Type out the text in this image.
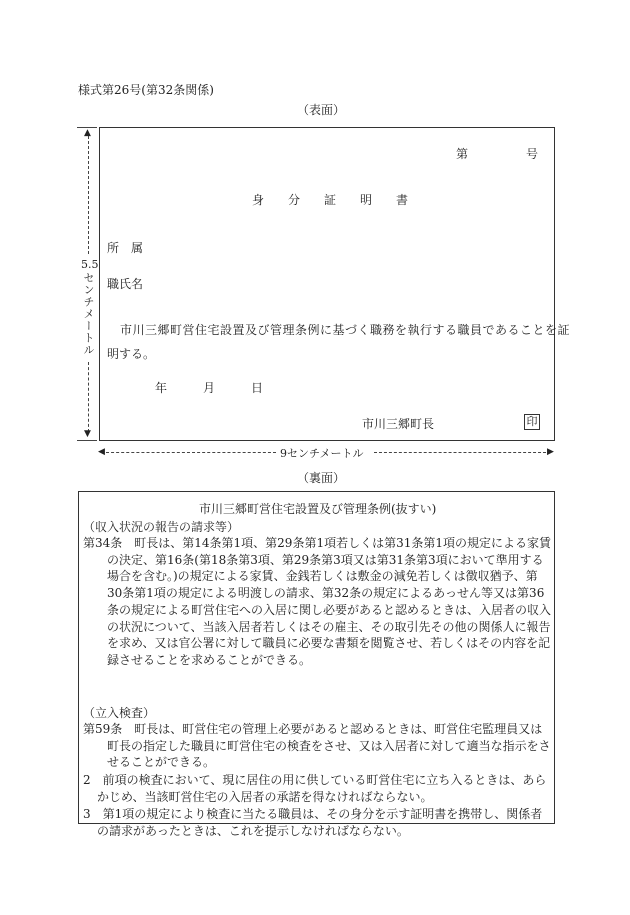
様式第26号(第32条関係)
（表面）
▲
5.5
センチメートル
▼
第	号
身　　分　　証　　明　　書
所　属
職氏名
市川三郷町営住宅設置及び管理条例に基づく職務を執行する職員であることを証
明する。
年　　　月　　　日
市川三郷町長	印
◀	9センチメートル	▶
（裏面）
市川三郷町営住宅設置及び管理条例(抜すい)
（収入状況の報告の請求等）
第34条　町長は、第14条第1項、第29条第1項若しくは第31条第1項の規定による家賃の決定、第16条(第18条第3項、第29条第3項又は第31条第3項において準用する場合を含む。)の規定による家賃、金銭若しくは敷金の減免若しくは徴収猶予、第30条第1項の規定による明渡しの請求、第32条の規定によるあっせん等又は第36条の規定による町営住宅への入居に関し必要があると認めるときは、入居者の収入の状況について、当該入居者若しくはその雇主、その取引先その他の関係人に報告を求め、又は官公署に対して職員に必要な書類を閲覧させ、若しくはその内容を記録させることを求めることができる。
（立入検査）
第59条　町長は、町営住宅の管理上必要があると認めるときは、町営住宅監理員又は町長の指定した職員に町営住宅の検査をさせ、又は入居者に対して適当な指示をさせることができる。
2　前項の検査において、現に居住の用に供している町営住宅に立ち入るときは、あらかじめ、当該町営住宅の入居者の承諾を得なければならない。
3　第1項の規定により検査に当たる職員は、その身分を示す証明書を携帯し、関係者の請求があったときは、これを提示しなければならない。
